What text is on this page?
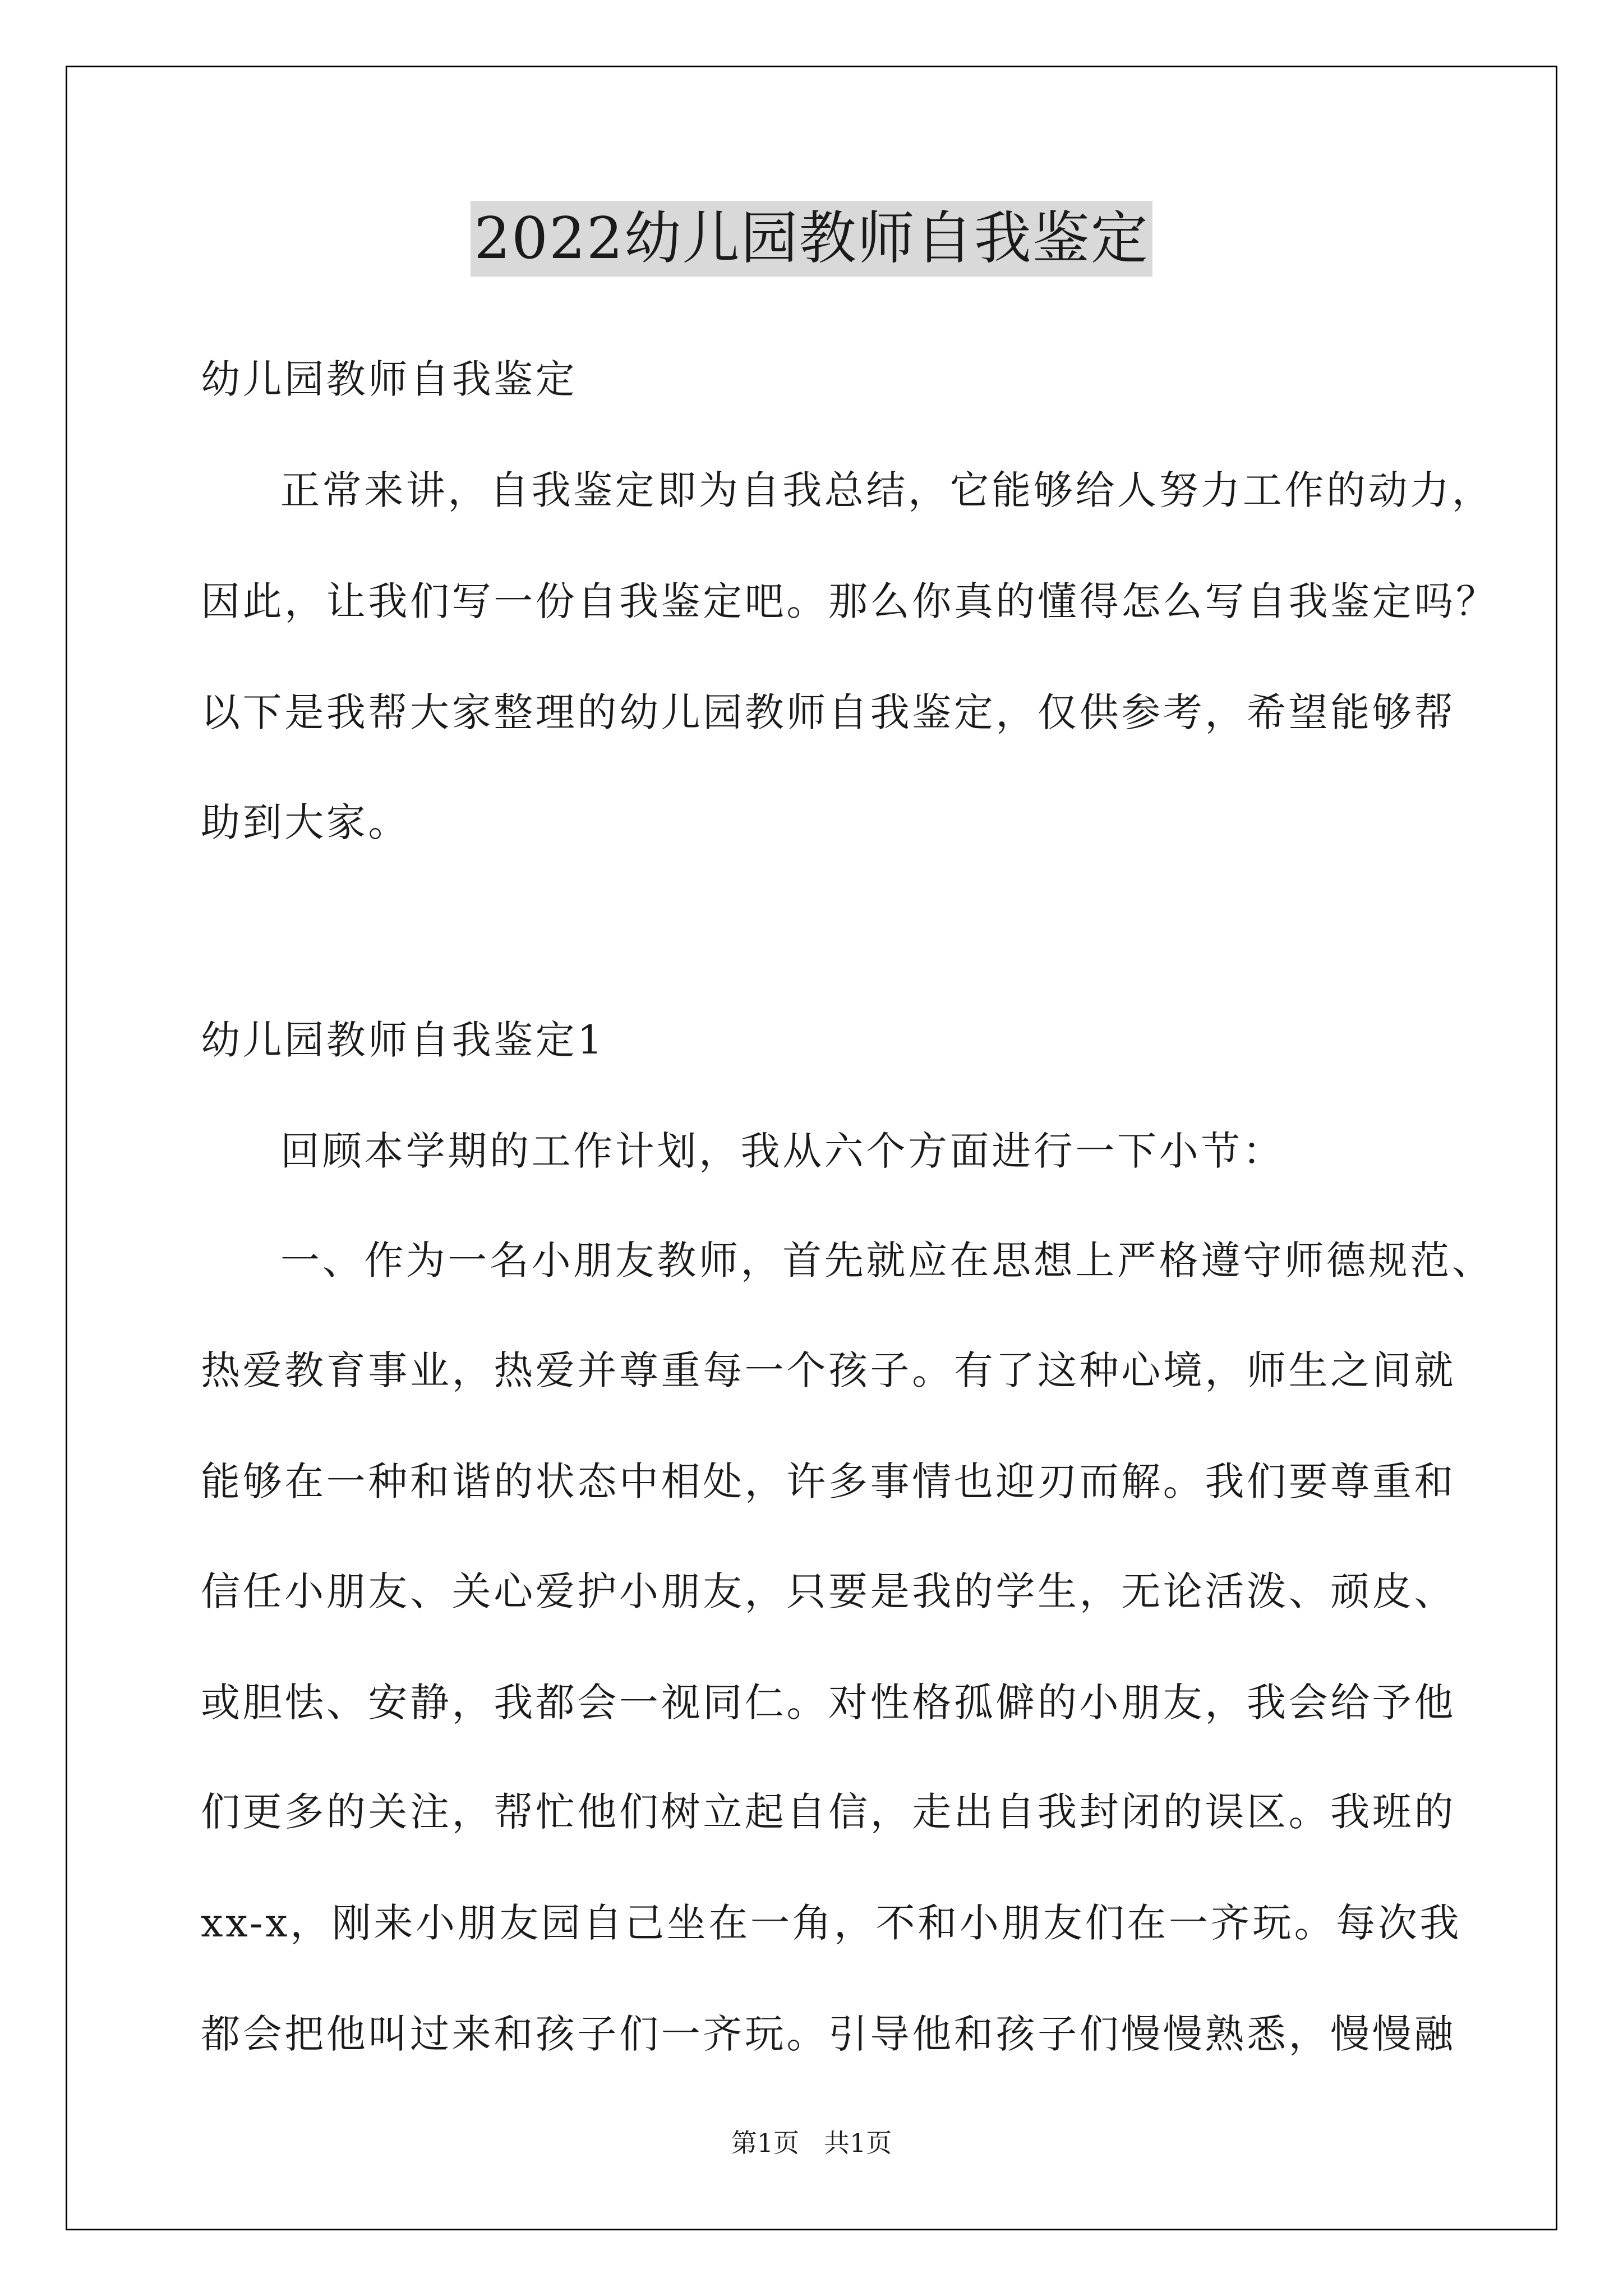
2022幼儿园教师自我鉴定
幼儿园教师自我鉴定
正常来讲，自我鉴定即为自我总结，它能够给人努力工作的动力，
因此，让我们写一份自我鉴定吧。那么你真的懂得怎么写自我鉴定吗？
以下是我帮大家整理的幼儿园教师自我鉴定，仅供参考，希望能够帮
助到大家。
幼儿园教师自我鉴定1
回顾本学期的工作计划，我从六个方面进行一下小节：
一、作为一名小朋友教师，首先就应在思想上严格遵守师德规范、
热爱教育事业，热爱并尊重每一个孩子。有了这种心境，师生之间就
能够在一种和谐的状态中相处，许多事情也迎刃而解。我们要尊重和
信任小朋友、关心爱护小朋友，只要是我的学生，无论活泼、顽皮、
或胆怯、安静，我都会一视同仁。对性格孤僻的小朋友，我会给予他
们更多的关注，帮忙他们树立起自信，走出自我封闭的误区。我班的
xx-x，刚来小朋友园自己坐在一角，不和小朋友们在一齐玩。每次我
都会把他叫过来和孩子们一齐玩。引导他和孩子们慢慢熟悉，慢慢融
第1页 共1页
